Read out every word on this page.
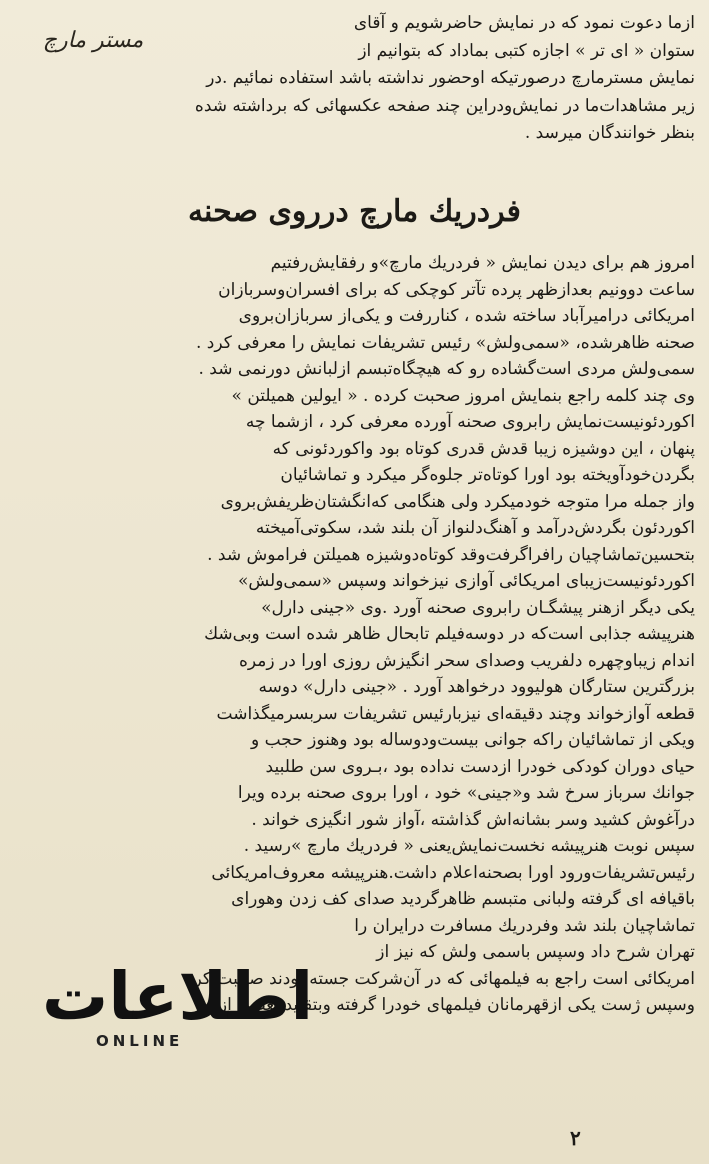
مستر مارچ
ازما دعوت نمود که در نمایش حاضرشویم و آقای
ستوان « ای تر » اجازه کتبی بماداد که بتوانیم از
نمایش مسترمارچ درصورتیکه اوحضور نداشته باشد استفاده نمائیم .در
زیر مشاهدات‌ما در نمایش‌و‌در‌این چند صفحه عکسهائی که برداشته شده
بنظر خوانندگان میرسد .
فردریك مارچ درروی صحنه
امروز هم برای دیدن نمایش « فردریك مارچ»و رفقایش‌رفتیم
ساعت دو‌ونیم بعدازظهر پرده تآتر کوچکی که برای افسران‌وسربازان
امریکائی درامیرآباد ساخته شده ، کنار‌رفت و یکی‌از سربازان‌بروی
صحنه ظاهرشده‌، «سمی‌ولش» رئیس تشریفات نمایش را معرفی کرد .
سمی‌ولش مردی است‌گشاده رو که هیچگاه‌تبسم ازلبانش دورنمی شد .
وی چند کلمه راجع بنمایش امروز صحبت کرده . « ایولین همیلتن »
اکوردئونیست‌نمایش رابروی صحنه آورده معرفی کرد ، ازشما چه
پنهان ، این دوشیزه زیبا قدش قدری کوتاه بود واکوردئونی که
بگردن‌خود‌آویخته بود اورا کوتاه‌تر جلوه‌گر میکرد و تماشائیان
واز جمله مرا متوجه خودمیکرد ولی هنگامی که‌انگشتان‌ظریفش‌بروی
اکوردئون بگردش‌در‌آمد و آهنگ‌دلنواز آن بلند شد، سکوتی‌آمیخته
بتحسین‌تماشاچیان رافرا‌گرفت‌وقد کوتاه‌دوشیزه همیلتن فراموش شد .
اکوردئونیست‌زیبای امریکائی آوازی نیزخواند وسپس «سمی‌ولش»
یکی دیگر ازهنر پیشگـان رابروی صحنه آورد .وی «جینی دارل»
هنر‌پیشه جذابی است‌که در دوسه‌فیلم تابحال ظاهر شده است وبی‌شك
اندام زیبا‌وچهره دلفریب وصدای سحر انگیزش روزی اورا در زمره
بزرگترین ستارگان هولیوود درخواهد آورد . «جینی دارل» دوسه
قطعه آوازخواند وچند دقیقه‌ای نیزبارئیس تشریفات سربسر‌میگذاشت
ویکی از تماشائیان راکه جوانی بیست‌ودوساله بود وهنوز حجب و
حیای دوران کودکی خودرا ازدست نداده بود ،بـروی سن طلبید
جوانك سرباز سرخ شد و«جینی» خود ، اورا بروی صحنه برده ویرا
درآغوش کشید وسر بشانه‌اش گذاشته ،آواز شور انگیزی خواند .
سپس نوبت هنر‌پیشه نخست‌نمایش‌یعنی « فردریك مارچ »رسید .
رئیس‌تشریفات‌ورود اورا بصحنه‌اعلام داشت‌.هنر‌پیشه معروف‌امریکائی
باقیافه ای گرفته ولبانی متبسم ظاهرگردید صدای کف زدن وهورای
تماشاچیان بلند شد وفردریك مسافرت درایران را
تهران شرح داد وسپس باسمی ولش که نیز از
امریکائی است راجع به فیلمهائی که در آن‌شرکت جسته بودند صحبت کرد
وسپس ژست یکی ازقهرمانان فیلمهای خودرا گرفته وبتقلید بعضی از
اطلاعات
ONLINE
۲
